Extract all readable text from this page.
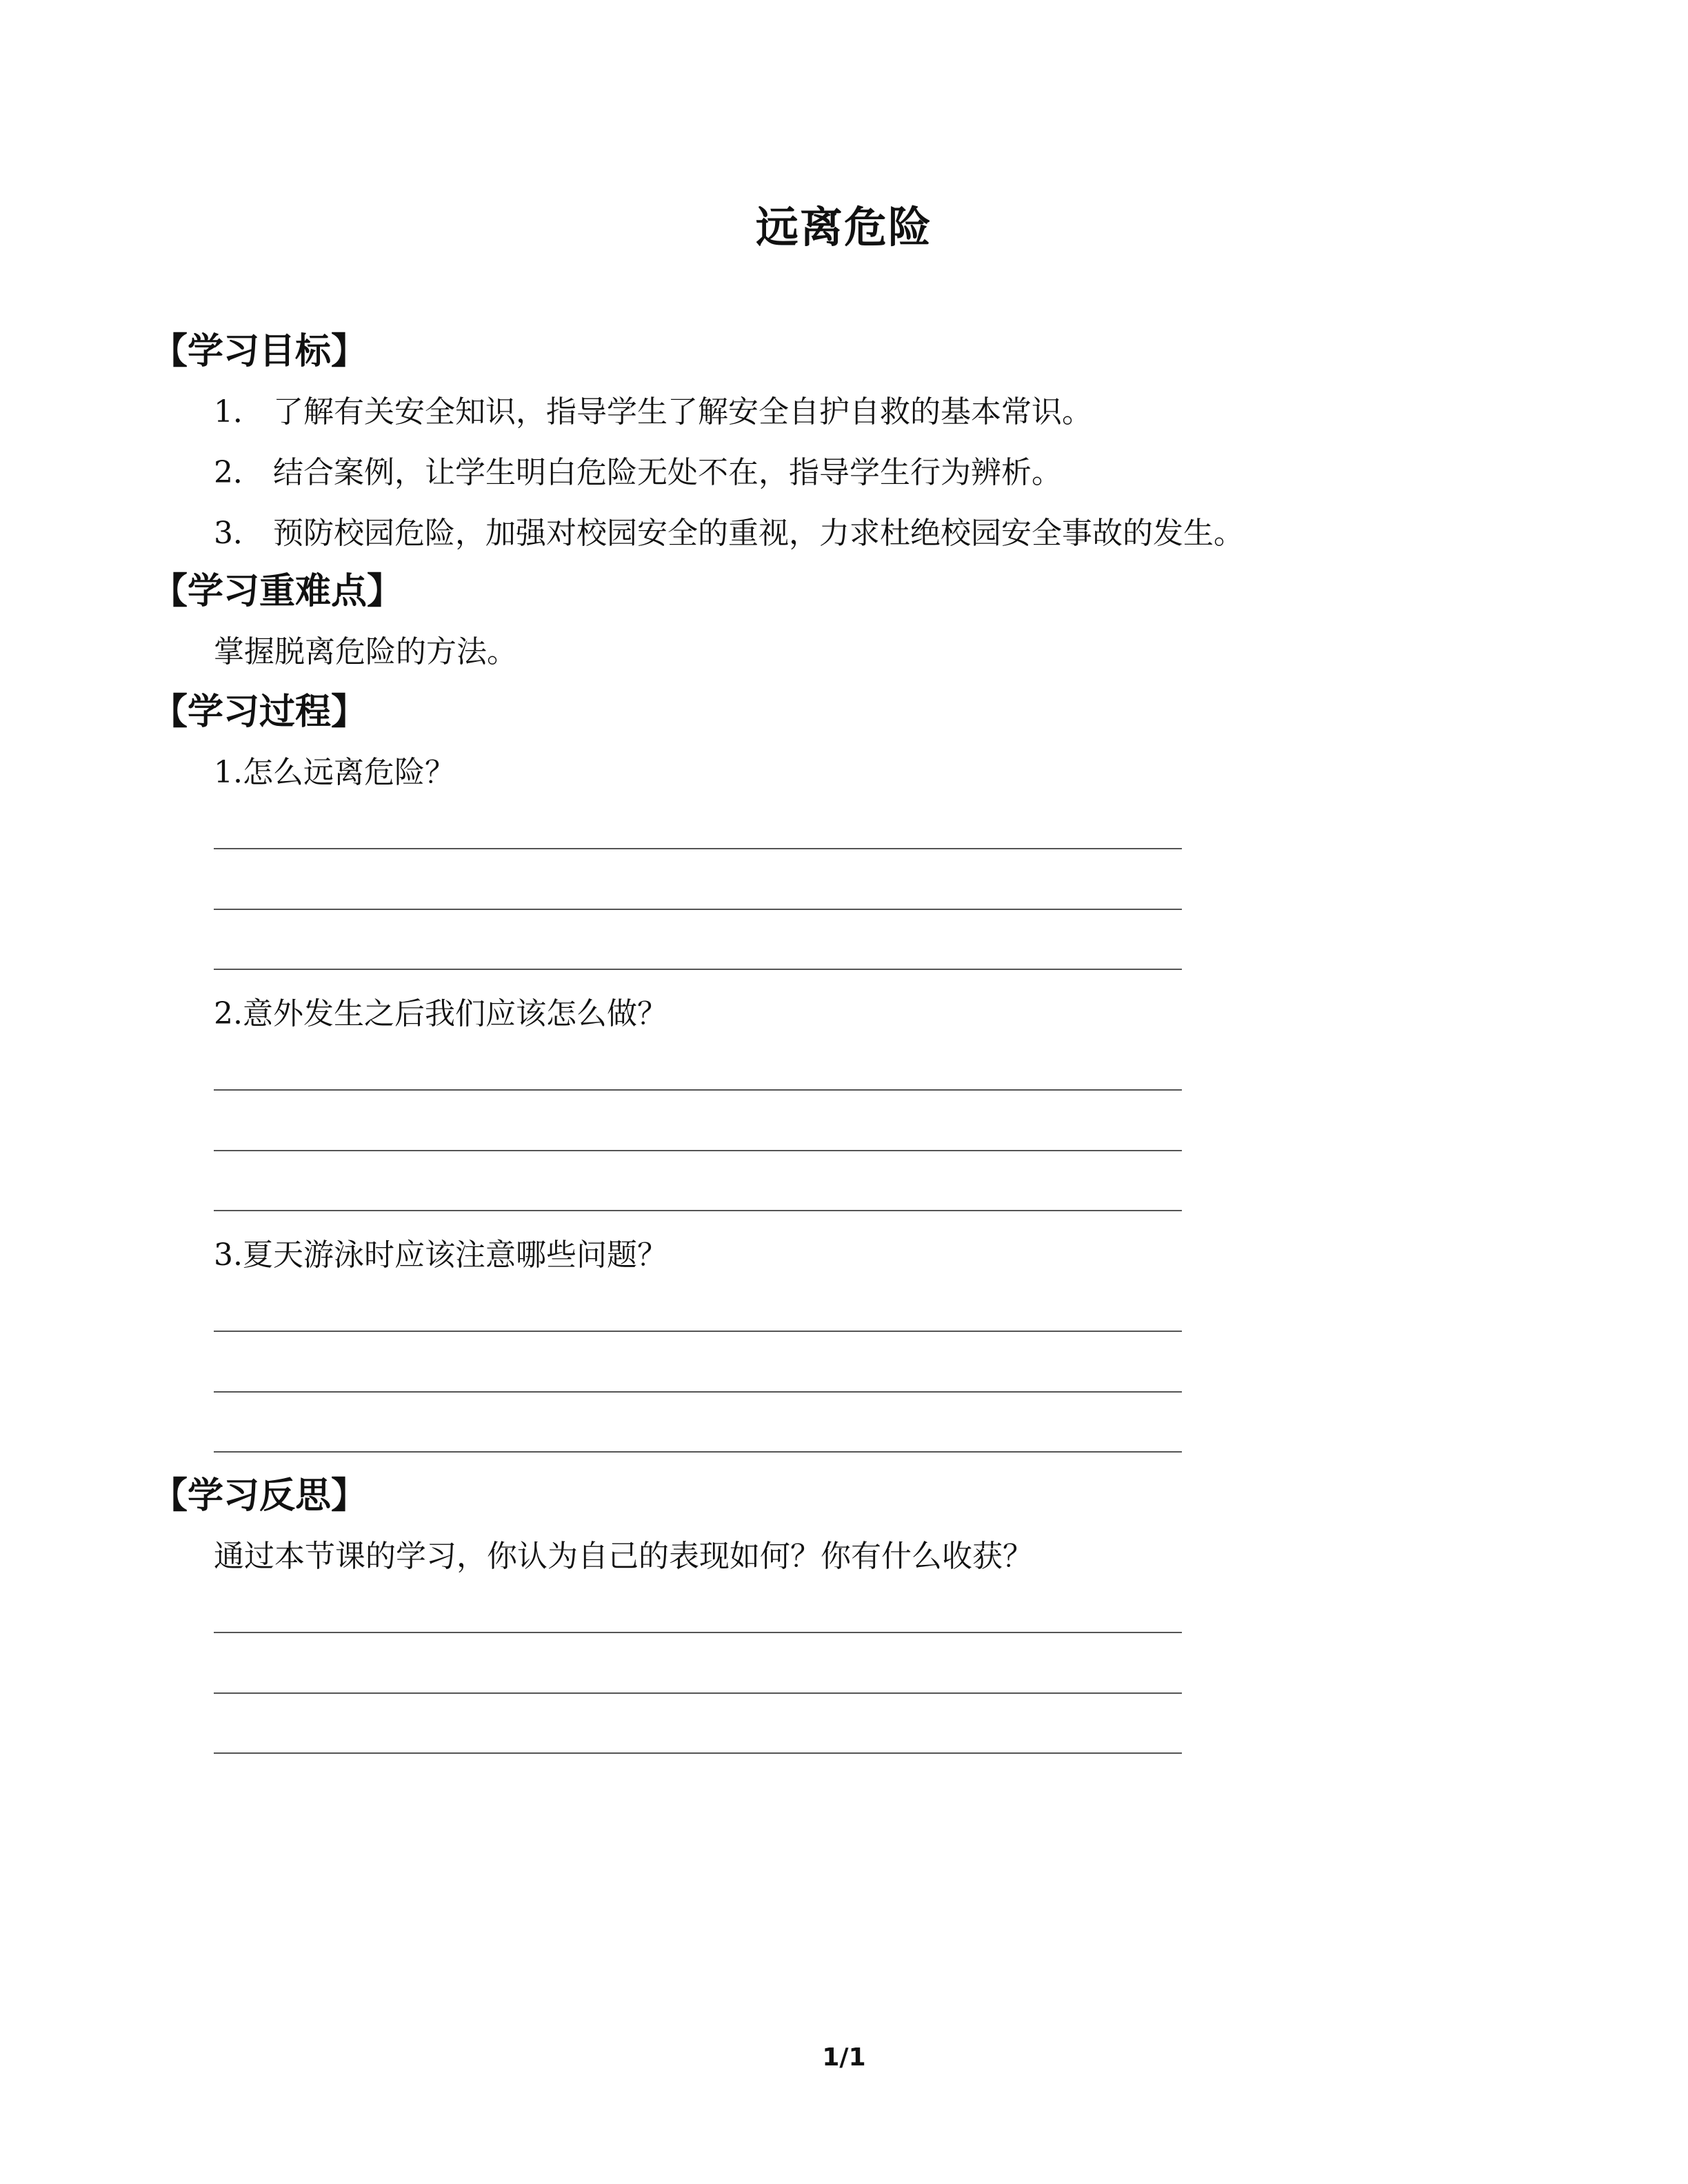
远离危险
【学习目标】
1． 了解有关安全知识，指导学生了解安全自护自救的基本常识。
2． 结合案例，让学生明白危险无处不在，指导学生行为辨析。
3． 预防校园危险，加强对校园安全的重视，力求杜绝校园安全事故的发生。
【学习重难点】
掌握脱离危险的方法。
【学习过程】
1.怎么远离危险？
2.意外发生之后我们应该怎么做？
3.夏天游泳时应该注意哪些问题？
【学习反思】
通过本节课的学习，你认为自己的表现如何？你有什么收获？
1/1
